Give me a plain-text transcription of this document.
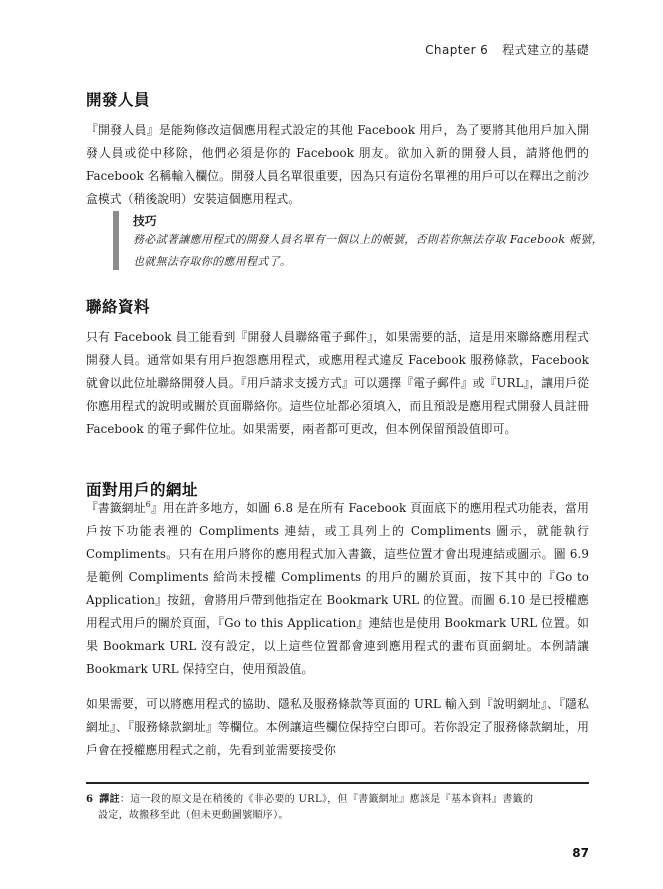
Chapter 6 程式建立的基礎
開發人員

『開發人員』是能夠修改這個應用程式設定的其他 Facebook 用戶，為了要將其他用戶加入開發人員或從中移除，他們必須是你的 Facebook 朋友。欲加入新的開發人員，請將他們的 Facebook 名稱輸入欄位。開發人員名單很重要，因為只有這份名單裡的用戶可以在釋出之前沙盒模式（稍後說明）安裝這個應用程式。

技巧

務必試著讓應用程式的開發人員名單有一個以上的帳號，否則若你無法存取 Facebook 帳號，也就無法存取你的應用程式了。

聯絡資料

只有 Facebook 員工能看到『開發人員聯絡電子郵件』，如果需要的話，這是用來聯絡應用程式開發人員。通常如果有用戶抱怨應用程式，或應用程式違反 Facebook 服務條款，Facebook 就會以此位址聯絡開發人員。『用戶請求支援方式』可以選擇『電子郵件』或『URL』，讓用戶從你應用程式的說明或關於頁面聯絡你。這些位址都必須填入，而且預設是應用程式開發人員註冊 Facebook 的電子郵件位址。如果需要，兩者都可更改，但本例保留預設值即可。

面對用戶的網址

『書籤網址$^6$』用在許多地方，如圖 6.8 是在所有 Facebook 頁面底下的應用程式功能表，當用戶按下功能表裡的 Compliments 連結，或工具列上的 Compliments 圖示，就能執行 Compliments。只有在用戶將你的應用程式加入書籤，這些位置才會出現連結或圖示。圖 6.9 是範例 Compliments 給尚未授權 Compliments 的用戶的關於頁面，按下其中的『Go to Application』按鈕，會將用戶帶到他指定在 Bookmark URL 的位置。而圖 6.10 是已授權應用程式用戶的關於頁面，『Go to this Application』連結也是使用 Bookmark URL 位置。如果 Bookmark URL 沒有設定，以上這些位置都會連到應用程式的畫布頁面網址。本例請讓 Bookmark URL 保持空白，使用預設值。

如果需要，可以將應用程式的協助、隱私及服務條款等頁面的 URL 輸入到『說明網址』、『隱私網址』、『服務條款網址』等欄位。本例讓這些欄位保持空白即可。若你設定了服務條款網址，用戶會在授權應用程式之前，先看到並需要接受你

6 譯註：這一段的原文是在稍後的《非必要的 URL》，但『書籤網址』應該是『基本資料』書籤的
設定，故搬移至此（但未更動圖號順序）。
87
